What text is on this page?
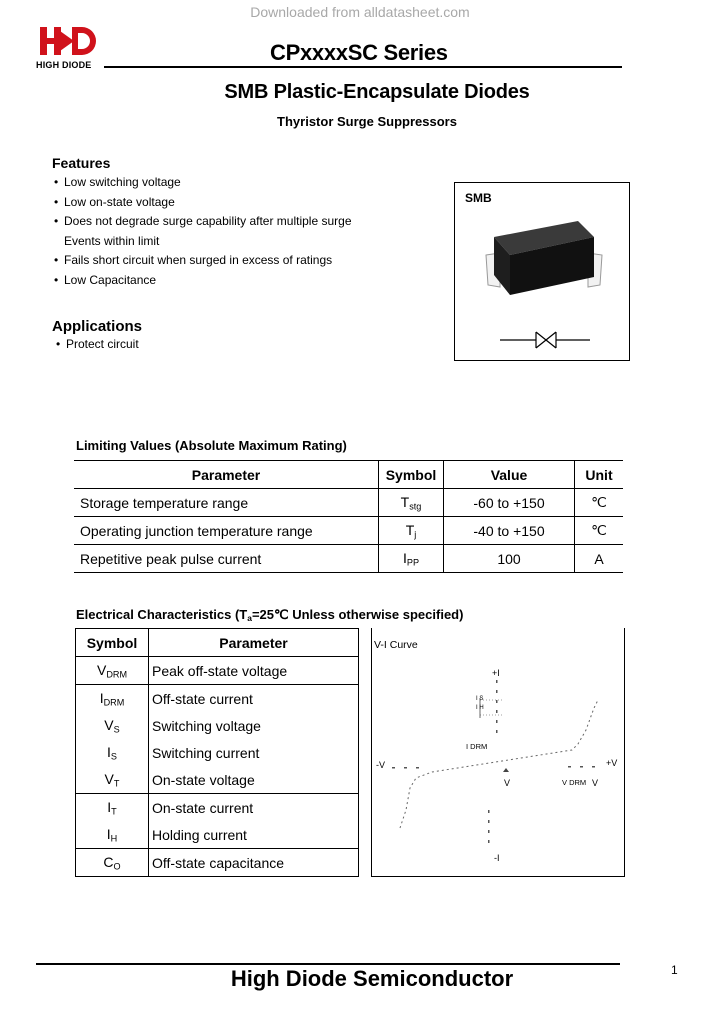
Downloaded from alldatasheet.com
HIGH DIODE	CPxxxxSC Series
SMB Plastic-Encapsulate Diodes
Thyristor Surge Suppressors
Features
• Low switching voltage
• Low on-state voltage
• Does not degrade surge capability after multiple surge
Events within limit
• Fails short circuit when surged in excess of ratings
• Low Capacitance
Applications
• Protect circuit
SMB
Limiting Values (Absolute Maximum Rating)
Parameter	Symbol	Value	Unit
Storage temperature range	$T_{stg}$	-60 to +150	℃
Operating junction temperature range	$T_j$	-40 to +150	℃
Repetitive peak pulse current	$I_{PP}$	100	A
Electrical Characteristics ($T_a=25℃$ Unless otherwise specified)
Symbol	Parameter
$V_{DRM}$	Peak off-state voltage
$I_{DRM}$	Off-state current
$V_S$	Switching voltage
$I_S$	Switching current
$V_T$	On-state voltage
$I_T$	On-state current
$I_H$	Holding current
$C_O$	Off-state capacitance
V-I Curve
+I
I S
I H
I DRM
-V	+V
V	V DRM V
-I
1
High Diode Semiconductor
